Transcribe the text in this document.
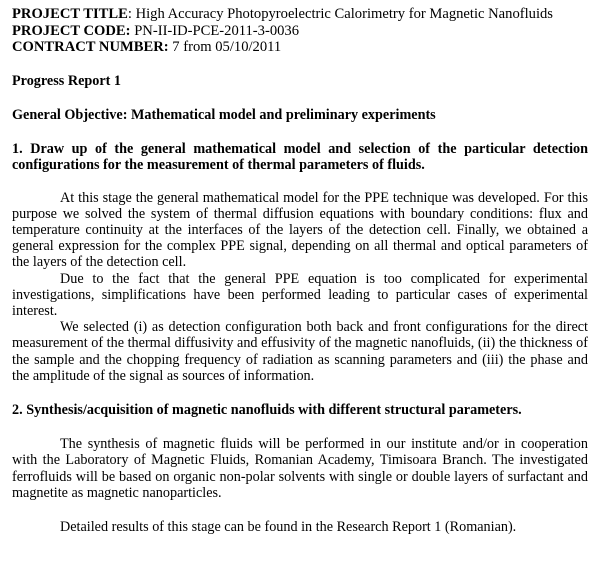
PROJECT TITLE: High Accuracy Photopyroelectric Calorimetry for Magnetic Nanofluids
PROJECT CODE: PN-II-ID-PCE-2011-3-0036
CONTRACT NUMBER: 7 from 05/10/2011
Progress Report 1
General Objective: Mathematical model and preliminary experiments
1. Draw up of the general mathematical model and selection of the particular detection configurations for the measurement of thermal parameters of fluids.

At this stage the general mathematical model for the PPE technique was developed. For this purpose we solved the system of thermal diffusion equations with boundary conditions: flux and temperature continuity at the interfaces of the layers of the detection cell. Finally, we obtained a general expression for the complex PPE signal, depending on all thermal and optical parameters of the layers of the detection cell.

Due to the fact that the general PPE equation is too complicated for experimental investigations, simplifications have been performed leading to particular cases of experimental interest.

We selected (i) as detection configuration both back and front configurations for the direct measurement of the thermal diffusivity and effusivity of the magnetic nanofluids, (ii) the thickness of the sample and the chopping frequency of radiation as scanning parameters and (iii) the phase and the amplitude of the signal as sources of information.

2. Synthesis/acquisition of magnetic nanofluids with different structural parameters.

The synthesis of magnetic fluids will be performed in our institute and/or in cooperation with the Laboratory of Magnetic Fluids, Romanian Academy, Timisoara Branch. The investigated ferrofluids will be based on organic non-polar solvents with single or double layers of surfactant and magnetite as magnetic nanoparticles.

Detailed results of this stage can be found in the Research Report 1 (Romanian).
